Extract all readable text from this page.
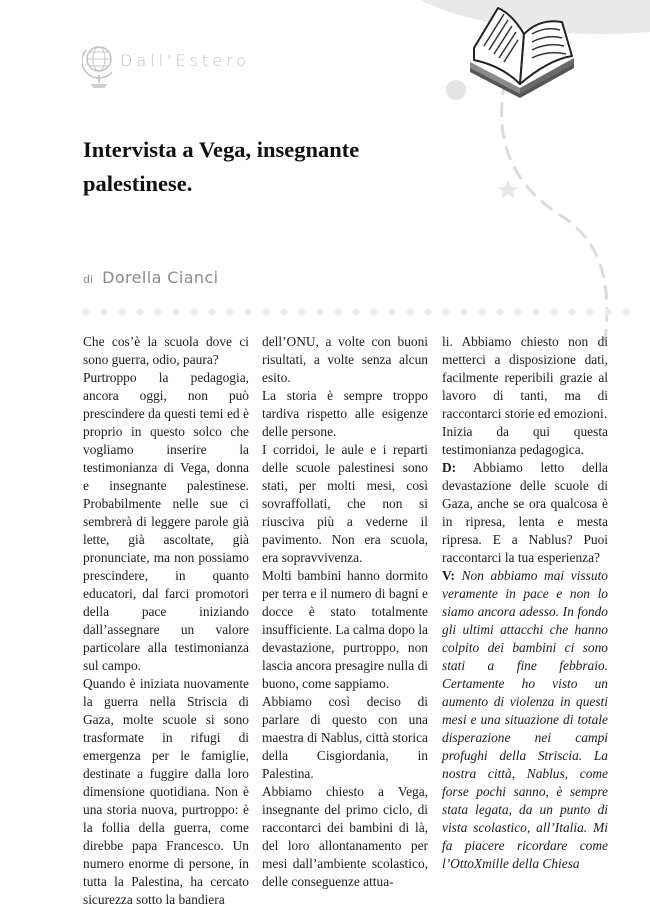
Dall'Estero
Intervista a Vega, insegnante palestinese.
di Dorella Cianci

Che cos’è la scuola dove ci sono guerra, odio, paura?

Purtroppo la pedagogia, ancora oggi, non può prescindere da questi temi ed è proprio in questo solco che vogliamo inserire la testimonianza di Vega, donna e insegnante palestinese. Probabilmente nelle sue ci sembrerà di leggere parole già lette, già ascoltate, già pronunciate, ma non possiamo prescindere, in quanto educatori, dal farci promotori della pace iniziando dall’assegnare un valore particolare alla testimonianza sul campo.

Quando è iniziata nuovamente la guerra nella Striscia di Gaza, molte scuole si sono trasformate in rifugi di emergenza per le famiglie, destinate a fuggire dalla loro dimensione quotidiana. Non è una storia nuova, purtroppo: è la follia della guerra, come direbbe papa Francesco. Un numero enorme di persone, in tutta la Palestina, ha cercato sicurezza sotto la bandiera

dell’ONU, a volte con buoni risultati, a volte senza alcun esito.

La storia è sempre troppo tardiva rispetto alle esigenze delle persone.

I corridoi, le aule e i reparti delle scuole palestinesi sono stati, per molti mesi, così sovraffollati, che non si riusciva più a vederne il pavimento. Non era scuola, era sopravvivenza.

Molti bambini hanno dormito per terra e il numero di bagni e docce è stato totalmente insufficiente. La calma dopo la devastazione, purtroppo, non lascia ancora presagire nulla di buono, come sappiamo.

Abbiamo così deciso di parlare di questo con una maestra di Nablus, città storica della Cisgiordania, in Palestina.

Abbiamo chiesto a Vega, insegnante del primo ciclo, di raccontarci dei bambini di là, del loro allontanamento per mesi dall’ambiente scolastico, delle conseguenze attua-

li. Abbiamo chiesto non di metterci a disposizione dati, facilmente reperibili grazie al lavoro di tanti, ma di raccontarci storie ed emozioni.

Inizia da qui questa testimonianza pedagogica.

D: Abbiamo letto della devastazione delle scuole di Gaza, anche se ora qualcosa è in ripresa, lenta e mesta ripresa. E a Nablus? Puoi raccontarci la tua esperienza?

V: Non abbiamo mai vissuto veramente in pace e non lo siamo ancora adesso. In fondo gli ultimi attacchi che hanno colpito dei bambini ci sono stati a fine febbraio. Certamente ho visto un aumento di violenza in questi mesi e una situazione di totale disperazione nei campi profughi della Striscia. La nostra città, Nablus, come forse pochi sanno, è sempre stata legata, da un punto di vista scolastico, all’Italia. Mi fa piacere ricordare come l’OttoXmille della Chiesa
